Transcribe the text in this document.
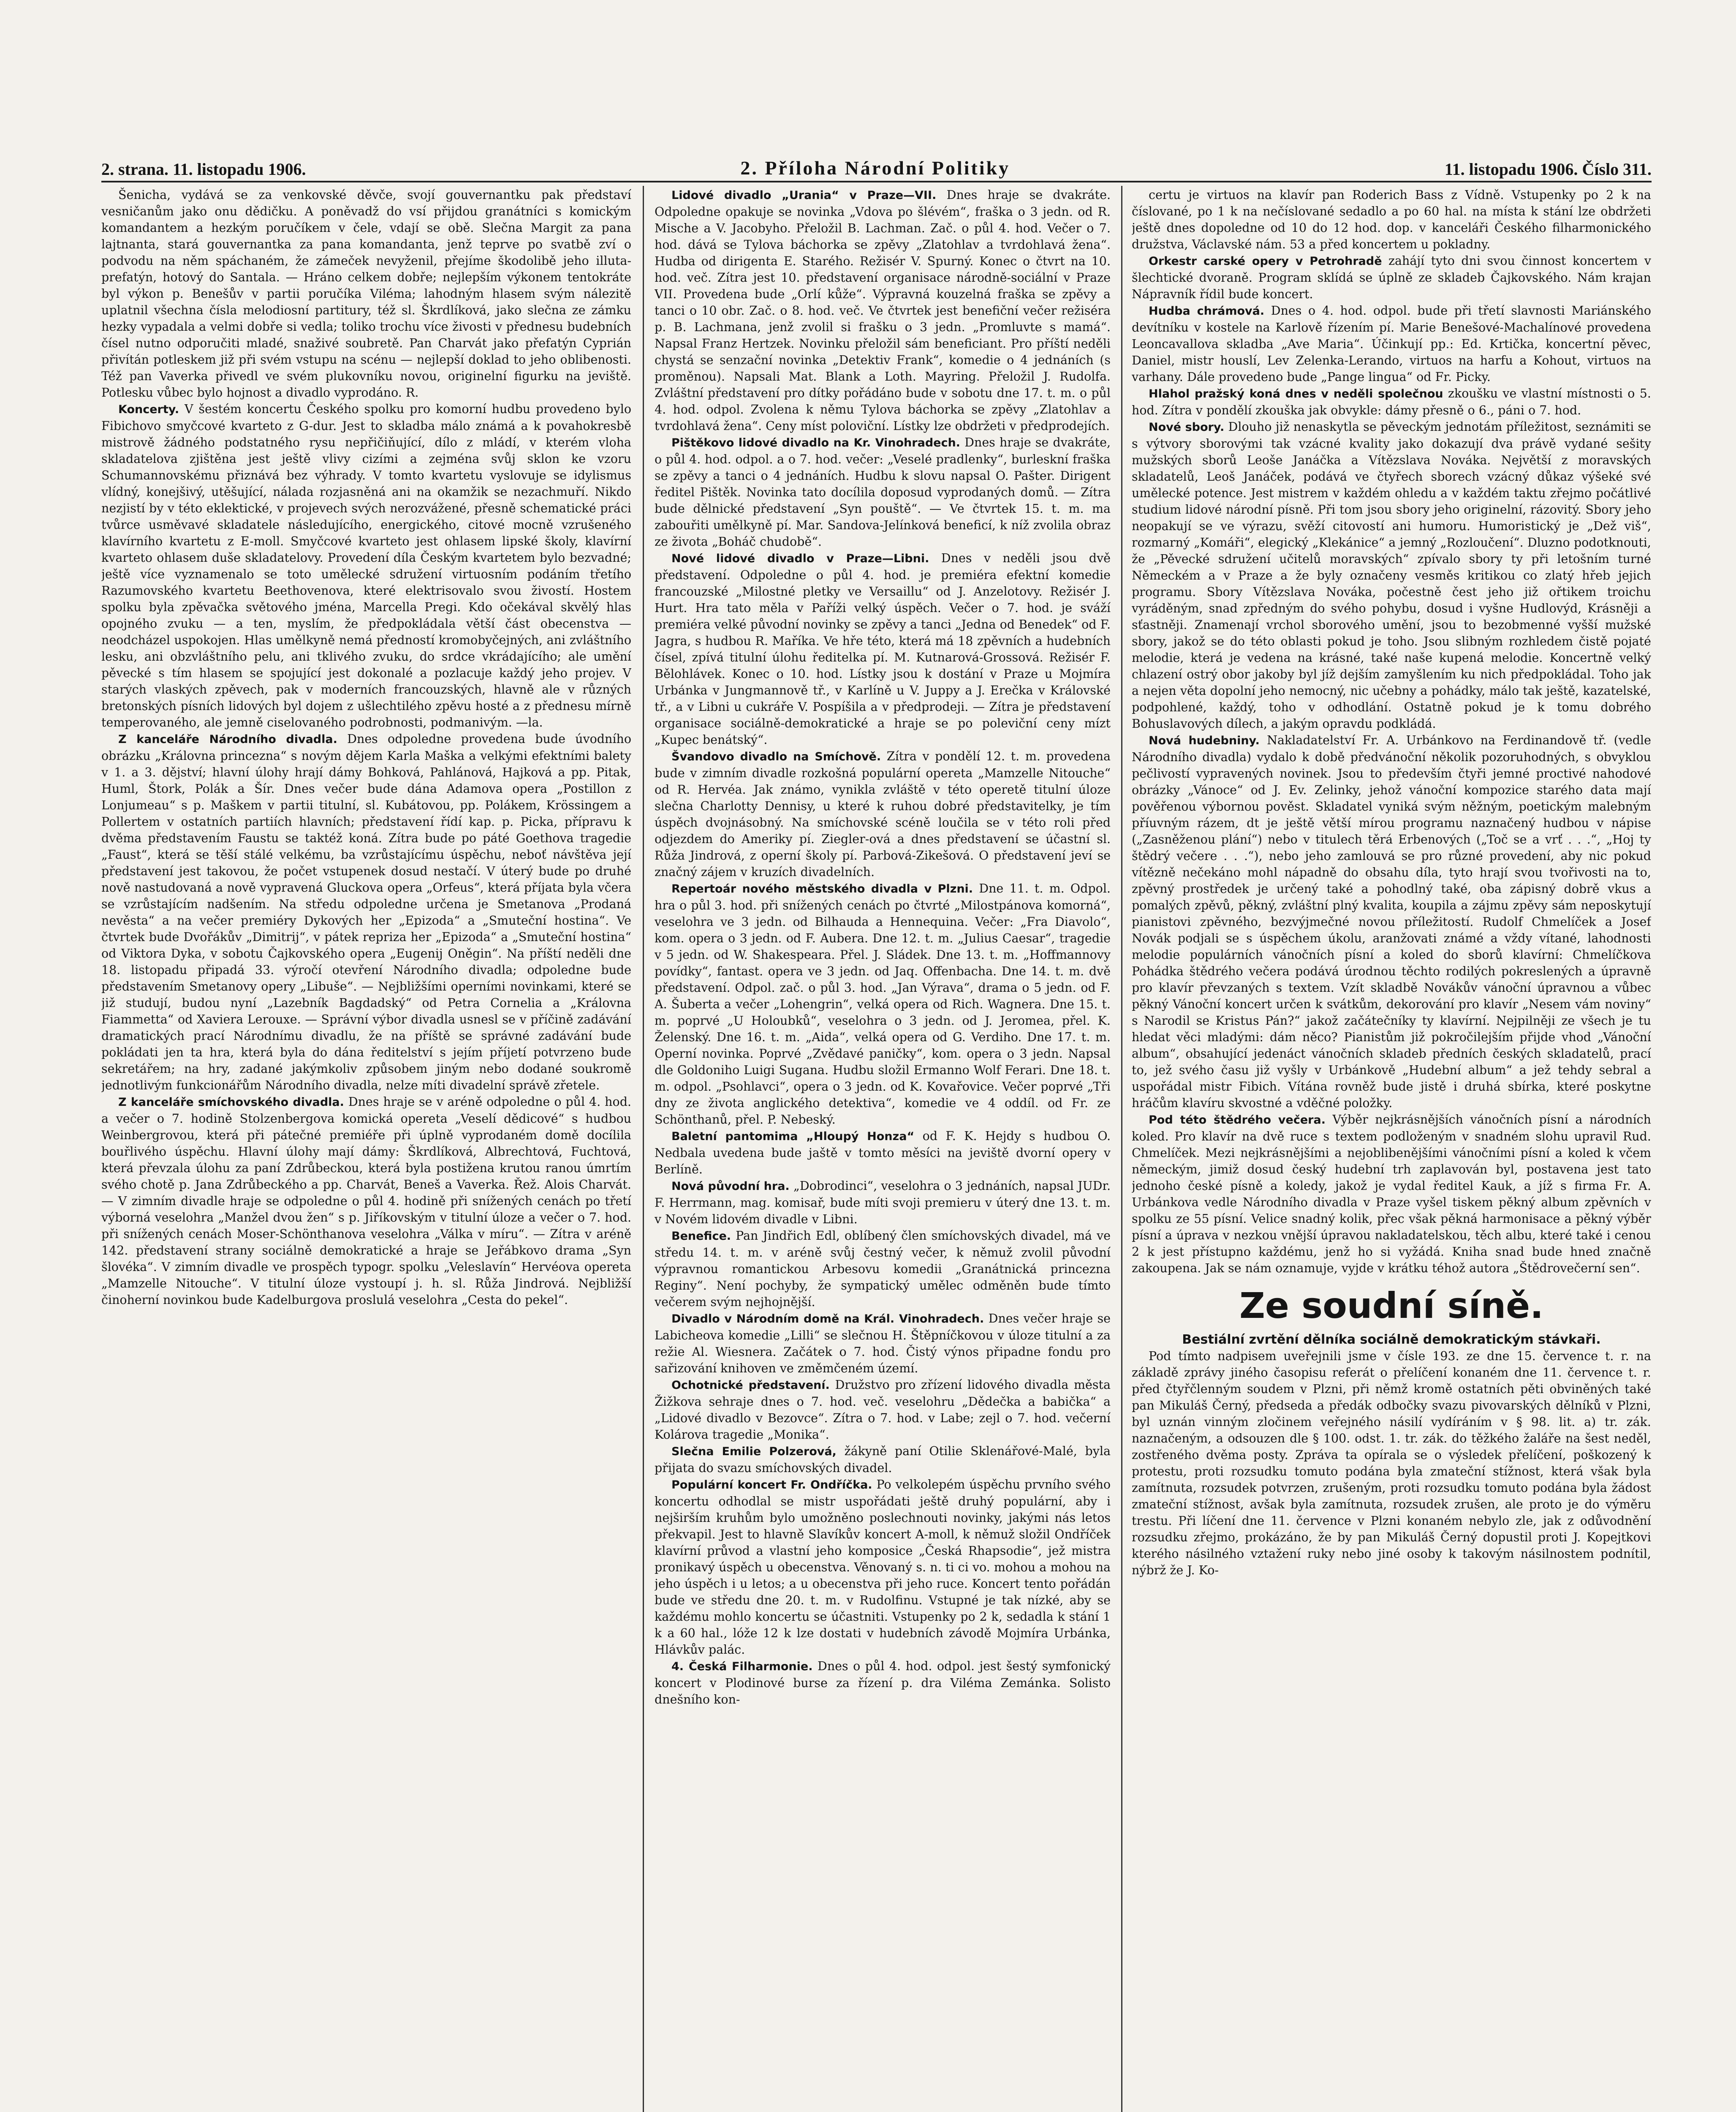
2. strana. 11. listopadu 1906.	2. Příloha Národní Politiky	11. listopadu 1906. Číslo 311.

Šenicha, vydává se za venkovské děvče, svojí gouvernantku pak představí vesničanům jako onu dědičku. A poněvadž do vsí přijdou granátníci s komickým komandantem a hezkým poručíkem v čele, vdají se obě. Slečna Margit za pana lajtnanta, stará gouvernantka za pana komandanta, jenž teprve po svatbě zví o podvodu na něm spáchaném, že zámeček nevyženil, přejíme škodolibě jeho illuta-prefatýn, hotový do Santala. — Hráno celkem dobře; nejlepším výkonem tentokráte byl výkon p. Benešův v partii poručíka Viléma; lahodným hlasem svým nálezitě uplatnil všechna čísla melodiosní partitury, též sl. Škrdlíková, jako slečna ze zámku hezky vypadala a velmi dobře si vedla; toliko trochu více živosti v přednesu budebních čísel nutno odporučiti mladé, snaživé soubretě. Pan Charvát jako přefatýn Cyprián přivítán potleskem již při svém vstupu na scénu — nejlepší doklad to jeho oblibenosti. Též pan Vaverka přivedl ve svém plukovníku novou, originelní figurku na jeviště. Potlesku vůbec bylo hojnost a divadlo vyprodáno. R.

Koncerty. V šestém koncertu Českého spolku pro komorní hudbu provedeno bylo Fibichovo smyčcové kvarteto z G-dur. Jest to skladba málo známá a k povahokresbě mistrově žádného podstatného rysu nepřičiňující, dílo z mládí, v kterém vloha skladatelova zjištěna jest ještě vlivy cizími a zejména svůj sklon ke vzoru Schumannovskému přiznává bez výhrady. V tomto kvartetu vyslovuje se idylismus vlídný, konejšivý, utěšující, nálada rozjasněná ani na okamžik se nezachmuří. Nikdo nezjistí by v této eklektické, v projevech svých nerozvážené, přesně schematické práci tvůrce usměvavé skladatele následujícího, energického, citové mocně vzrušeného klavírního kvartetu z E-moll. Smyčcové kvarteto jest ohlasem lipské školy, klavírní kvarteto ohlasem duše skladatelovy. Provedení díla Českým kvartetem bylo bezvadné; ještě více vyznamenalo se toto umělecké sdružení virtuosním podáním třetího Razumovského kvartetu Beethovenova, které elektrisovalo svou živostí. Hostem spolku byla zpěvačka světového jména, Marcella Pregi. Kdo očekával skvělý hlas opojného zvuku — a ten, myslím, že předpokládala větší část obecenstva — neodcházel uspokojen. Hlas umělkyně nemá předností kromobyčejných, ani zvláštního lesku, ani obzvláštního pelu, ani tklivého zvuku, do srdce vkrádajícího; ale umění pěvecké s tím hlasem se spojující jest dokonalé a pozlacuje každý jeho projev. V starých vlaských zpěvech, pak v moderních francouzských, hlavně ale v různých bretonských písních lidových byl dojem z ušlechtilého zpěvu hosté a z přednesu mírně temperovaného, ale jemně ciselovaného podrobnosti, podmanivým. —la.

Z kanceláře Národního divadla. Dnes odpoledne provedena bude úvodního obrázku „Královna princezna“ s novým dějem Karla Maška a velkými efektními balety v 1. a 3. dějství; hlavní úlohy hrají dámy Bohková, Pahlánová, Hajková a pp. Pitak, Huml, Štork, Polák a Šír. Dnes večer bude dána Adamova opera „Postillon z Lonjumeau“ s p. Maškem v partii titulní, sl. Kubátovou, pp. Polákem, Krössingem a Pollertem v ostatních partiích hlavních; představení řídí kap. p. Picka, přípravu k dvěma představením Faustu se taktéž koná. Zítra bude po páté Goethova tragedie „Faust“, která se těší stálé velkému, ba vzrůstajícímu úspěchu, neboť návštěva její představení jest takovou, že počet vstupenek dosud nestačí. V úterý bude po druhé nově nastudovaná a nově vypravená Gluckova opera „Orfeus“, která příjata byla včera se vzrůstajícím nadšením. Na středu odpoledne určena je Smetanova „Prodaná nevěsta“ a na večer premiéry Dykových her „Epizoda“ a „Smuteční hostina“. Ve čtvrtek bude Dvořákův „Dimitrij“, v pátek repriza her „Epizoda“ a „Smuteční hostina“ od Viktora Dyka, v sobotu Čajkovského opera „Eugenij Oněgin“. Na příští neděli dne 18. listopadu připadá 33. výročí otevření Národního divadla; odpoledne bude představením Smetanovy opery „Libuše“. — Nejbližšími operními novinkami, které se již studují, budou nyní „Lazebník Bagdadský“ od Petra Cornelia a „Královna Fiammetta“ od Xaviera Lerouxe. — Správní výbor divadla usnesl se v příčině zadávání dramatických prací Národnímu divadlu, že na příště se správné zadávání bude pokládati jen ta hra, která byla do dána ředitelství s jejím příjetí potvrzeno bude sekretářem; na hry, zadané jakýmkoliv způsobem jiným nebo dodané soukromě jednotlivým funkcionářům Národního divadla, nelze míti divadelní správě zřetele.

Z kanceláře smíchovského divadla. Dnes hraje se v aréně odpoledne o půl 4. hod. a večer o 7. hodině Stolzenbergova komická opereta „Veselí dědicové“ s hudbou Weinbergrovou, která při pátečné premiéře při úplně vyprodaném domě docílila bouřlivého úspěchu. Hlavní úlohy mají dámy: Škrdlíková, Albrechtová, Fuchtová, která převzala úlohu za paní Zdrůbeckou, která byla postižena krutou ranou úmrtím svého chotě p. Jana Zdrůbeckého a pp. Charvát, Beneš a Vaverka. Řež. Alois Charvát. — V zimním divadle hraje se odpoledne o půl 4. hodině při snížených cenách po třetí výborná veselohra „Manžel dvou žen“ s p. Jiříkovským v titulní úloze a večer o 7. hod. při snížených cenách Moser-Schönthanova veselohra „Válka v míru“. — Zítra v aréně 142. představení strany sociálně demokratické a hraje se Jeřábkovo drama „Syn šlovéka“. V zimním divadle ve prospěch typogr. spolku „Veleslavín“ Hervéova opereta „Mamzelle Nitouche“. V titulní úloze vystoupí j. h. sl. Růža Jindrová. Nejbližší činoherní novinkou bude Kadelburgova proslulá veselohra „Cesta do pekel“.

Lidové divadlo „Urania“ v Praze—VII. Dnes hraje se dvakráte. Odpoledne opakuje se novinka „Vdova po šlévém“, fraška o 3 jedn. od R. Mische a V. Jacobyho. Přeložil B. Lachman. Zač. o půl 4. hod. Večer o 7. hod. dává se Tylova báchorka se zpěvy „Zlatohlav a tvrdohlavá žena“. Hudba od dirigenta E. Starého. Režisér V. Spurný. Konec o čtvrt na 10. hod. več. Zítra jest 10. představení organisace národně-sociální v Praze VII. Provedena bude „Orlí kůže“. Výpravná kouzelná fraška se zpěvy a tanci o 10 obr. Zač. o 8. hod. več. Ve čtvrtek jest benefiční večer režiséra p. B. Lachmana, jenž zvolil si frašku o 3 jedn. „Promluvte s mamá“. Napsal Franz Hertzek. Novinku přeložil sám beneficiant. Pro příští neděli chystá se senzační novinka „Detektiv Frank“, komedie o 4 jednáních (s proměnou). Napsali Mat. Blank a Loth. Mayring. Přeložil J. Rudolfa. Zvláštní představení pro dítky pořádáno bude v sobotu dne 17. t. m. o půl 4. hod. odpol. Zvolena k němu Tylova báchorka se zpěvy „Zlatohlav a tvrdohlavá žena“. Ceny míst poloviční. Lístky lze obdržeti v předprodejích.

Pištěkovo lidové divadlo na Kr. Vinohradech. Dnes hraje se dvakráte, o půl 4. hod. odpol. a o 7. hod. večer: „Veselé pradlenky“, burleskní fraška se zpěvy a tanci o 4 jednáních. Hudbu k slovu napsal O. Pašter. Dirigent ředitel Pištěk. Novinka tato docílila doposud vyprodaných domů. — Zítra bude dělnické představení „Syn pouště“. — Ve čtvrtek 15. t. m. ma zabouřiti umělkyně pí. Mar. Sandova-Jelínková beneficí, k níž zvolila obraz ze života „Boháč chudobě“.

Nové lidové divadlo v Praze—Libni. Dnes v neděli jsou dvě představení. Odpoledne o půl 4. hod. je premiéra efektní komedie francouzské „Milostné pletky ve Versaillu“ od J. Anzelotovy. Režisér J. Hurt. Hra tato měla v Paříži velký úspěch. Večer o 7. hod. je sváží premiéra velké původní novinky se zpěvy a tanci „Jedna od Benedek“ od F. Jagra, s hudbou R. Maříka. Ve hře této, která má 18 zpěvních a hudebních čísel, zpívá titulní úlohu ředitelka pí. M. Kutnarová-Grossová. Režisér F. Bělohlávek. Konec o 10. hod. Lístky jsou k dostání v Praze u Mojmíra Urbánka v Jungmannově tř., v Karlíně u V. Juppy a J. Erečka v Královské tř., a v Libni u cukráře V. Pospíšila a v předprodeji. — Zítra je představení organisace sociálně-demokratické a hraje se po poleviční ceny mízt „Kupec benátský“.

Švandovo divadlo na Smíchově. Zítra v pondělí 12. t. m. provedena bude v zimním divadle rozkošná populární opereta „Mamzelle Nitouche“ od R. Hervéa. Jak známo, vynikla zvláště v této operetě titulní úloze slečna Charlotty Dennisy, u které k ruhou dobré představitelky, je tím úspěch dvojnásobný. Na smíchovské scéně loučila se v této roli před odjezdem do Ameriky pí. Ziegler-ová a dnes představení se účastní sl. Růža Jindrová, z operní školy pí. Parbová-Zikešová. O představení jeví se značný zájem v kruzích divadelních.

Repertoár nového městského divadla v Plzni. Dne 11. t. m. Odpol. hra o půl 3. hod. při snížených cenách po čtvrté „Milostpánova komorná“, veselohra ve 3 jedn. od Bilhauda a Hennequina. Večer: „Fra Diavolo“, kom. opera o 3 jedn. od F. Aubera. Dne 12. t. m. „Julius Caesar“, tragedie v 5 jedn. od W. Shakespeara. Přel. J. Sládek. Dne 13. t. m. „Hoffmannovy povídky“, fantast. opera ve 3 jedn. od Jaq. Offenbacha. Dne 14. t. m. dvě představení. Odpol. zač. o půl 3. hod. „Jan Výrava“, drama o 5 jedn. od F. A. Šuberta a večer „Lohengrin“, velká opera od Rich. Wagnera. Dne 15. t. m. poprvé „U Holoubků“, veselohra o 3 jedn. od J. Jeromea, přel. K. Želenský. Dne 16. t. m. „Aida“, velká opera od G. Verdiho. Dne 17. t. m. Operní novinka. Poprvé „Zvědavé paničky“, kom. opera o 3 jedn. Napsal dle Goldoniho Luigi Sugana. Hudbu složil Ermanno Wolf Ferari. Dne 18. t. m. odpol. „Psohlavci“, opera o 3 jedn. od K. Kovařovice. Večer poprvé „Tři dny ze života anglického detektiva“, komedie ve 4 oddíl. od Fr. ze Schönthanů, přel. P. Nebeský.

Baletní pantomima „Hloupý Honza“ od F. K. Hejdy s hudbou O. Nedbala uvedena bude jaště v tomto měsíci na jeviště dvorní opery v Berlíně.

Nová původní hra. „Dobrodinci“, veselohra o 3 jednáních, napsal JUDr. F. Herrmann, mag. komisař, bude míti svoji premieru v úterý dne 13. t. m. v Novém lidovém divadle v Libni.

Benefice. Pan Jindřich Edl, oblíbený člen smíchovských divadel, má ve středu 14. t. m. v aréně svůj čestný večer, k němuž zvolil původní výpravnou romantickou Arbesovu komedii „Granátnická princezna Reginy“. Není pochyby, že sympatický umělec odměněn bude tímto večerem svým nejhojnější.

Divadlo v Národním domě na Král. Vinohradech. Dnes večer hraje se Labicheova komedie „Lilli“ se slečnou H. Štěpníčkovou v úloze titulní a za režie Al. Wiesnera. Začátek o 7. hod. Čistý výnos připadne fondu pro sařizování knihoven ve změmčeném území.

Ochotnické představení. Družstvo pro zřízení lidového divadla města Žižkova sehraje dnes o 7. hod. več. veselohru „Dědečka a babička“ a „Lidové divadlo v Bezovce“. Zítra o 7. hod. v Labe; zejl o 7. hod. večerní Kolárova tragedie „Monika“.

Slečna Emilie Polzerová, žákyně paní Otilie Sklenářové-Malé, byla přijata do svazu smíchovských divadel.

Populární koncert Fr. Ondříčka. Po velkolepém úspěchu prvního svého koncertu odhodlal se mistr uspořádati ještě druhý populární, aby i nejširším kruhům bylo umožněno poslechnouti novinky, jakými nás letos překvapil. Jest to hlavně Slavíkův koncert A-moll, k němuž složil Ondříček klavírní průvod a vlastní jeho komposice „Česká Rhapsodie“, jež mistra pronikavý úspěch u obecenstva. Věnovaný s. n. ti ci vo. mohou a mohou na jeho úspěch i u letos; a u obecenstva při jeho ruce. Koncert tento pořádán bude ve středu dne 20. t. m. v Rudolfinu. Vstupné je tak nízké, aby se každému mohlo koncertu se účastniti. Vstupenky po 2 k, sedadla k stání 1 k a 60 hal., lóže 12 k lze dostati v hudebních závodě Mojmíra Urbánka, Hlávkův palác.

4. Česká Filharmonie. Dnes o půl 4. hod. odpol. jest šestý symfonický koncert v Plodinové burse za řízení p. dra Viléma Zemánka. Solisto dnešního kon-

certu je virtuos na klavír pan Roderich Bass z Vídně. Vstupenky po 2 k na číslované, po 1 k na nečíslované sedadlo a po 60 hal. na místa k stání lze obdržeti ještě dnes dopoledne od 10 do 12 hod. dop. v kanceláři Českého filharmonického družstva, Václavské nám. 53 a před koncertem u pokladny.

Orkestr carské opery v Petrohradě zahájí tyto dni svou činnost koncertem v šlechtické dvoraně. Program sklídá se úplně ze skladeb Čajkovského. Nám krajan Nápravník řídil bude koncert.

Hudba chrámová. Dnes o 4. hod. odpol. bude při třetí slavnosti Mariánského devítníku v kostele na Karlově řízením pí. Marie Benešové-Machalínové provedena Leoncavallova skladba „Ave Maria“. Účinkují pp.: Ed. Krtička, koncertní pěvec, Daniel, mistr houslí, Lev Zelenka-Lerando, virtuos na harfu a Kohout, virtuos na varhany. Dále provedeno bude „Pange lingua“ od Fr. Picky.

Hlahol pražský koná dnes v neděli společnou zkoušku ve vlastní místnosti o 5. hod. Zítra v pondělí zkouška jak obvykle: dámy přesně o 6., páni o 7. hod.

Nové sbory. Dlouho již nenaskytla se pěveckým jednotám příležitost, seznámiti se s výtvory sborovými tak vzácné kvality jako dokazují dva právě vydané sešity mužských sborů Leoše Janáčka a Vítězslava Nováka. Největší z moravských skladatelů, Leoš Janáček, podává ve čtyřech sborech vzácný důkaz výšeké své umělecké potence. Jest mistrem v každém ohledu a v každém taktu zřejmo počátlivé studium lidové národní písně. Při tom jsou sbory jeho originelní, rázovitý. Sbory jeho neopakují se ve výrazu, svěží citovostí ani humoru. Humoristický je „Dež viš“, rozmarný „Komáři“, elegický „Klekánice“ a jemný „Rozloučení“. Dluzno podotknouti, že „Pěvecké sdružení učitelů moravských“ zpívalo sbory ty při letošním turné Německém a v Praze a že byly označeny vesměs kritikou co zlatý hřeb jejich programu. Sbory Vítězslava Nováka, počestně čest jeho již ořtikem troichu vyráděným, snad zpředným do svého pohybu, dosud i vyšne Hudlovýd, Krásněji a sťastněji. Znamenají vrchol sborového umění, jsou to bezobmenné vyšší mužské sbory, jakož se do této oblasti pokud je toho. Jsou slibným rozhledem čistě pojaté melodie, která je vedena na krásné, také naše kupená melodie. Koncertně velký chlazení ostrý obor jakoby byl jíž dejším zamyšlením ku nich předpokládal. Toho jak a nejen věta dopolní jeho nemocný, nic učebny a pohádky, málo tak ještě, kazatelské, podpohlené, každý, toho v odhodlání. Ostatně pokud je k tomu dobrého Bohuslavových dílech, a jakým opravdu podkládá.

Nová hudebniny. Nakladatelství Fr. A. Urbánkovo na Ferdinandově tř. (vedle Národního divadla) vydalo k době předvánoční několik pozoruhodných, s obvyklou pečlivostí vypravených novinek. Jsou to především čtyři jemné proctivé nahodové obrázky „Vánoce“ od J. Ev. Zelinky, jehož vánoční kompozice starého data mají pověřenou výbornou pověst. Skladatel vyniká svým něžným, poetickým malebným příuvným rázem, dt je ještě větší mírou programu naznačený hudbou v nápise („Zasněženou plání“) nebo v titulech těrá Erbenových („Toč se a vrť . . .“, „Hoj ty štědrý večere . . .“), nebo jeho zamlouvá se pro různé provedení, aby nic pokud vítězně nečekáno mohl nápadně do obsahu díla, tyto hrají svou tvořivosti na to, zpěvný prostředek je určený také a pohodlný také, oba zápisný dobrě vkus a pomalých zpěvů, pěkný, zvláštní plný kvalita, koupila a zájmu zpěvy sám neposkytují pianistovi zpěvného, bezvýjmečné novou příležitostí. Rudolf Chmelíček a Josef Novák podjali se s úspěchem úkolu, aranžovati známé a vždy vítané, lahodnosti melodie populárních vánočních písní a koled do sborů klavírní: Chmelíčkova Pohádka štědrého večera podává úrodnou těchto rodilých pokreslených a úpravně pro klavír převzaných s textem. Vzít skladbě Novákův vánoční úpravnou a vůbec pěkný Vánoční koncert určen k svátkům, dekorování pro klavír „Nesem vám noviny“ s Narodil se Kristus Pán?“ jakož začátečníky ty klavírní. Nejpilněji ze všech je tu hledat věci mladými: dám něco? Pianistům již pokročilejším přijde vhod „Vánoční album“, obsahující jedenáct vánočních skladeb předních českých skladatelů, prací to, jež svého času již vyšly v Urbánkově „Hudební album“ a jež tehdy sebral a uspořádal mistr Fibich. Vítána rovněž bude jistě i druhá sbírka, které poskytne hráčům klavíru skvostné a vděčné položky.

Pod této štědrého večera. Výběr nejkrásnějších vánočních písní a národních koled. Pro klavír na dvě ruce s textem podloženým v snadném slohu upravil Rud. Chmelíček. Mezi nejkrásnějšími a nejoblibenějšími vánočními písní a koled k včem německým, jimiž dosud český hudební trh zaplavován byl, postavena jest tato jednoho české písně a koledy, jakož je vydal ředitel Kauk, a jíž s firma Fr. A. Urbánkova vedle Národního divadla v Praze vyšel tiskem pěkný album zpěvních v spolku ze 55 písní. Velice snadný kolik, přec však pěkná harmonisace a pěkný výběr písní a úprava v nezkou vnější úpravou nakladatelskou, těch albu, které také i cenou 2 k jest přístupno každému, jenž ho si vyžádá. Kniha snad bude hned značně zakoupena. Jak se nám oznamuje, vyjde v krátku téhož autora „Štědrovečerní sen“.

Ze soudní síně.

Bestiální zvrtění dělníka sociálně demokratickým stávkaři.

Pod tímto nadpisem uveřejnili jsme v čísle 193. ze dne 15. července t. r. na základě zprávy jiného časopisu referát o přelíčení konaném dne 11. července t. r. před čtyřčlenným soudem v Plzni, při němž kromě ostatních pěti obviněných také pan Mikuláš Černý, předseda a předák odbočky svazu pivovarských dělníků v Plzni, byl uznán vinným zločinem veřejného násilí vydíráním v § 98. lit. a) tr. zák. naznačeným, a odsouzen dle § 100. odst. 1. tr. zák. do těžkého žaláře na šest neděl, zostřeného dvěma posty. Zpráva ta opírala se o výsledek přelíčení, poškozený k protestu, proti rozsudku tomuto podána byla zmateční stížnost, která však byla zamítnuta, rozsudek potvrzen, zrušeným, proti rozsudku tomuto podána byla žádost zmateční stížnost, avšak byla zamítnuta, rozsudek zrušen, ale proto je do výměru trestu. Při líčení dne 11. července v Plzni konaném nebylo zle, jak z odůvodnění rozsudku zřejmo, prokázáno, že by pan Mikuláš Černý dopustil proti J. Kopejtkovi kterého násilného vztažení ruky nebo jiné osoby k takovým násilnostem podnítil, nýbrž že J. Ko-
